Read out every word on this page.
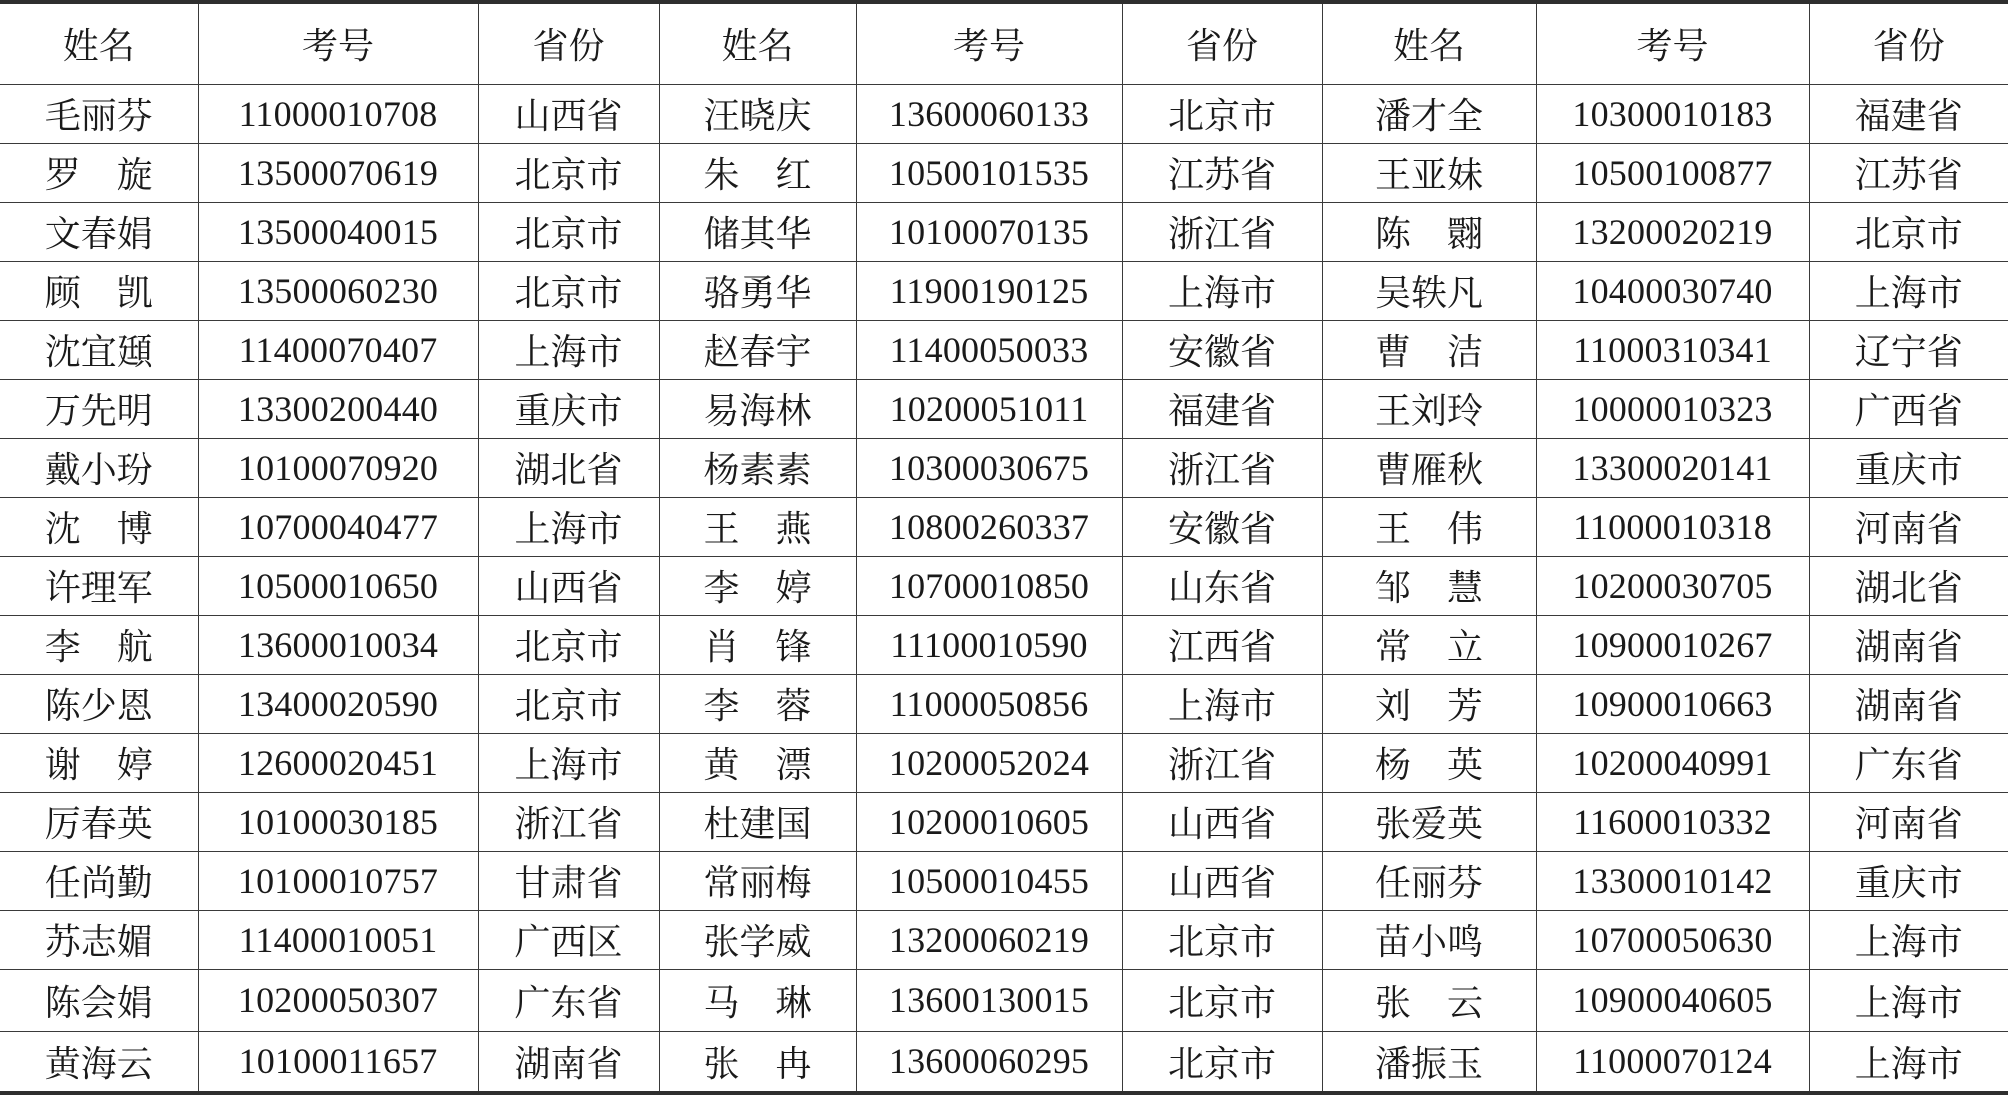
姓名	考号	省份	姓名	考号	省份	姓名	考号	省份
毛丽芬	11000010708	山西省	汪晓庆	13600060133	北京市	潘才全	10300010183	福建省
罗　旋	13500070619	北京市	朱　红	10500101535	江苏省	王亚妹	10500100877	江苏省
文春娟	13500040015	北京市	储其华	10100070135	浙江省	陈　翾	13200020219	北京市
顾　凯	13500060230	北京市	骆勇华	11900190125	上海市	吴轶凡	10400030740	上海市
沈宜頲	11400070407	上海市	赵春宇	11400050033	安徽省	曹　洁	11000310341	辽宁省
万先明	13300200440	重庆市	易海林	10200051011	福建省	王刘玲	10000010323	广西省
戴小玢	10100070920	湖北省	杨素素	10300030675	浙江省	曹雁秋	13300020141	重庆市
沈　博	10700040477	上海市	王　燕	10800260337	安徽省	王　伟	11000010318	河南省
许理军	10500010650	山西省	李　婷	10700010850	山东省	邹　慧	10200030705	湖北省
李　航	13600010034	北京市	肖　锋	11100010590	江西省	常　立	10900010267	湖南省
陈少恩	13400020590	北京市	李　蓉	11000050856	上海市	刘　芳	10900010663	湖南省
谢　婷	12600020451	上海市	黄　漂	10200052024	浙江省	杨　英	10200040991	广东省
厉春英	10100030185	浙江省	杜建国	10200010605	山西省	张爱英	11600010332	河南省
任尚勤	10100010757	甘肃省	常丽梅	10500010455	山西省	任丽芬	13300010142	重庆市
苏志媚	11400010051	广西区	张学威	13200060219	北京市	苗小鸣	10700050630	上海市
陈会娟	10200050307	广东省	马　琳	13600130015	北京市	张　云	10900040605	上海市
黄海云	10100011657	湖南省	张　冉	13600060295	北京市	潘振玉	11000070124	上海市
